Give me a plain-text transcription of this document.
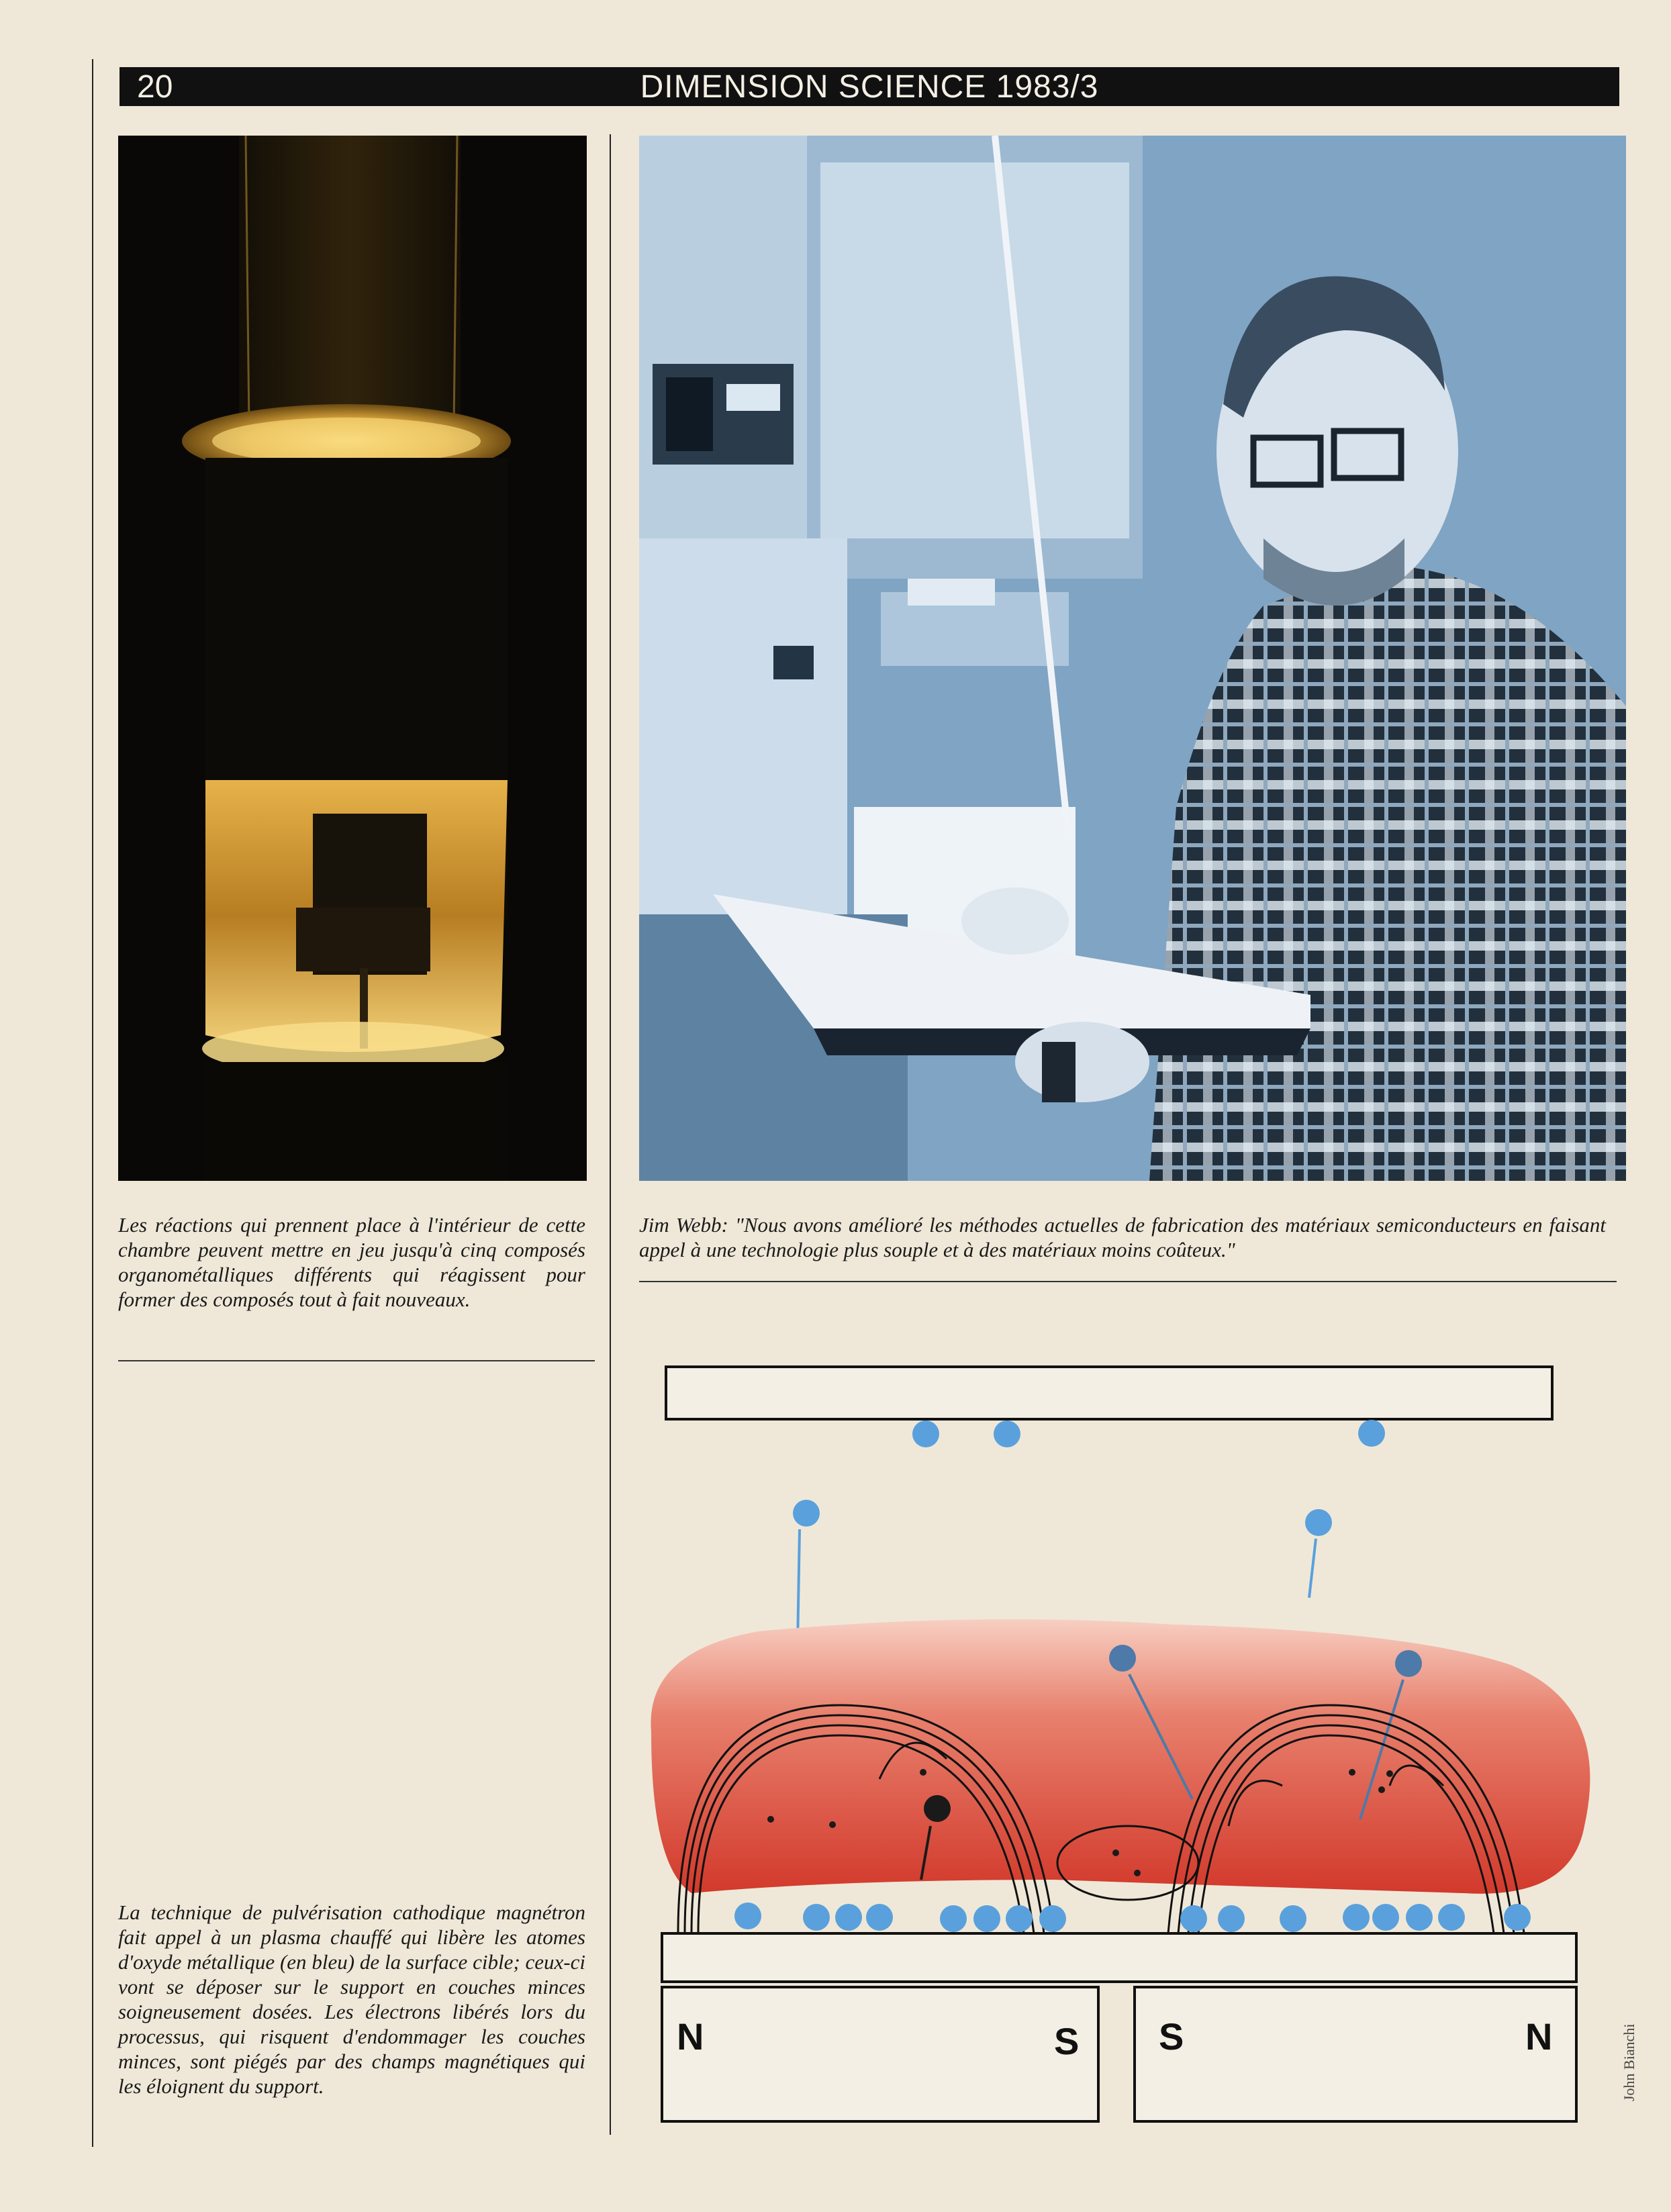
20	DIMENSION SCIENCE 1983/3
Les réactions qui prennent place à l'intérieur de cette chambre peuvent mettre en jeu jusqu'à cinq composés organométalliques différents qui réagissent pour former des composés tout à fait nouveaux.
Jim Webb: "Nous avons amélioré les méthodes actuelles de fabrication des matériaux semiconducteurs en faisant appel à une technologie plus souple et à des matériaux moins coûteux."
La technique de pulvérisation cathodique magnétron fait appel à un plasma chauffé qui libère les atomes d'oxyde métallique (en bleu) de la surface cible; ceux-ci vont se déposer sur le support en couches minces soigneusement dosées. Les électrons libérés lors du processus, qui risquent d'endommager les couches minces, sont piégés par des champs magnétiques qui les éloignent du support.
N	S S	N	John Bianchi
